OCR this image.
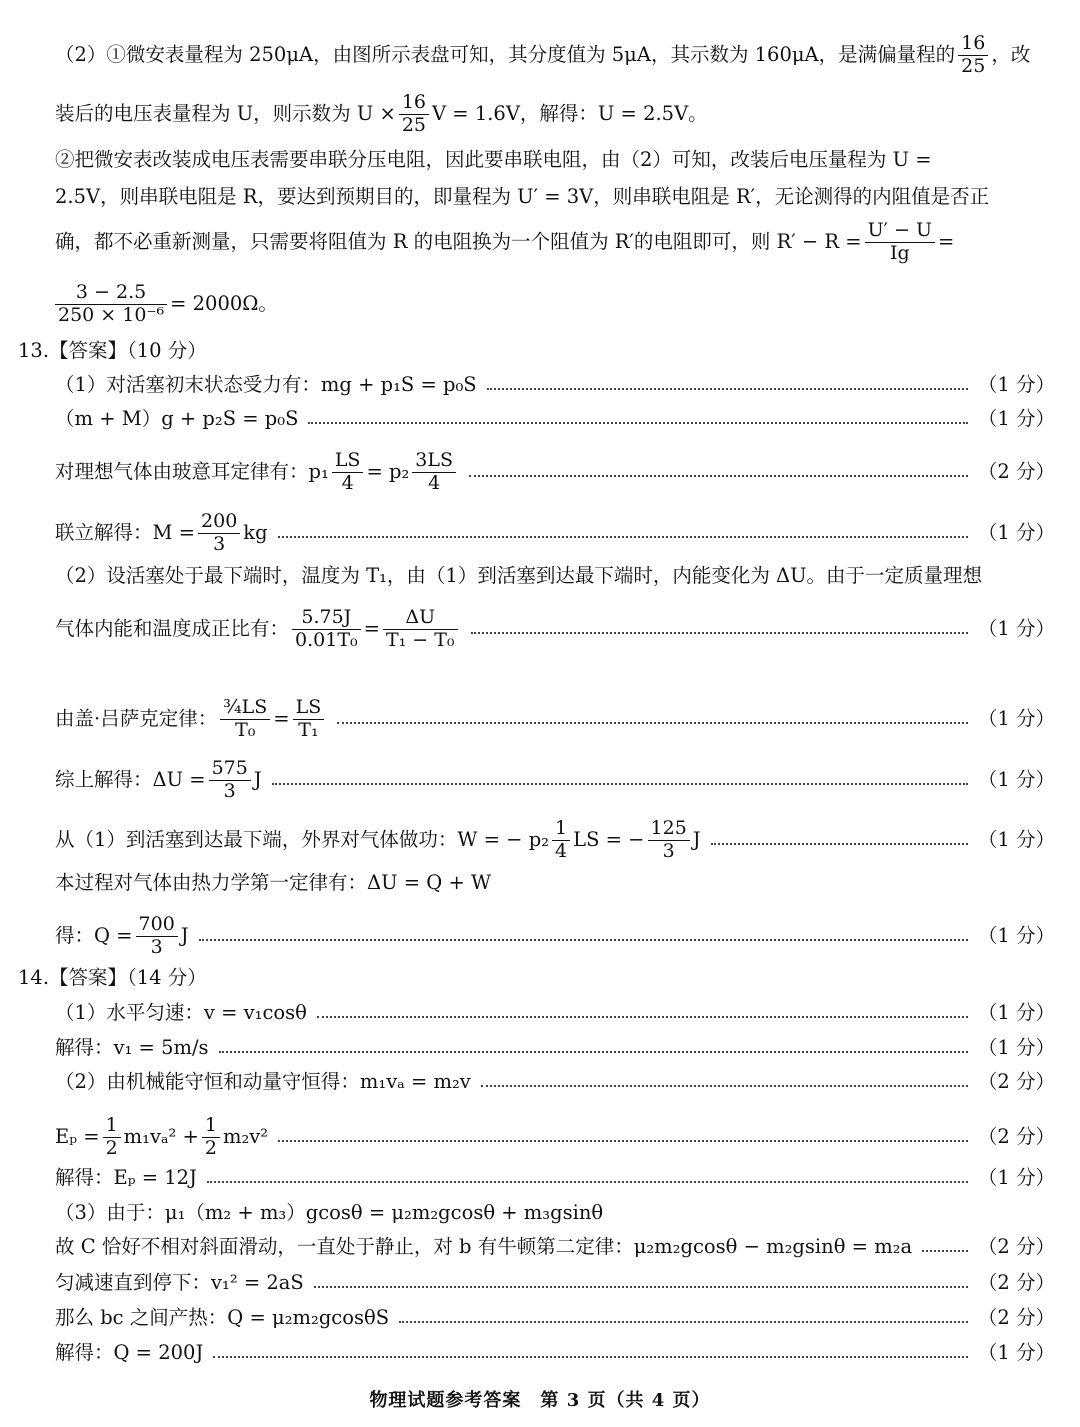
（2）①微安表量程为 250μA，由图所示表盘可知，其分度值为 5μA，其示数为 160μA，是满偏量程的 $\frac{16}{25}$ ，改
装后的电压表量程为 U，则示数为 $U \times \frac{16}{25}$ V = 1.6V，解得：U = 2.5V。
②把微安表改装成电压表需要串联分压电阻，因此要串联电阻，由（2）可知，改装后电压量程为 U =
2.5V，则串联电阻是 R，要达到预期目的，即量程为 U′ = 3V，则串联电阻是 R′，无论测得的内阻值是否正
确，都不必重新测量，只需要将阻值为 R 的电阻换为一个阻值为 R′的电阻即可，则 $R' - R = \frac{U' - U}{Ig}$ =
$\frac{3 - 2.5}{\text{250 × 10⁻⁶}} = 2000\Omega$。
13.【答案】（10 分）
（1）对活塞初末状态受力有：mg + p₁S = p₀S	（1 分）
（m + M）g + p₂S = p₀S	（1 分）
对理想气体由玻意耳定律有：$p_1 \frac{LS}{4} = p_2 \frac{3LS}{4}$	（2 分）
联立解得：$M = \frac{200}{3}$ kg	（1 分）
（2）设活塞处于最下端时，温度为 T₁，由（1）到活塞到达最下端时，内能变化为 ΔU。由于一定质量理想
气体内能和温度成正比有： $\frac{5.75J}{\text{0.01T₀}} = \frac{\Delta U}{\text{T₁ − T₀}}$	（1 分）
由盖·吕萨克定律： $\frac{\text{¾LS}}{\text{T₀}} = \frac{LS}{\text{T₁}}$	（1 分）
综上解得：$\Delta U = \frac{575}{3}$ J	（1 分）
从（1）到活塞到达最下端，外界对气体做功：W = − $p_2 \frac{1}{4}$ LS = − $\frac{125}{3}$ J	（1 分）
本过程对气体由热力学第一定律有：ΔU = Q + W
得：$Q = \frac{700}{3}$ J	（1 分）
14.【答案】（14 分）
（1）水平匀速：v = v₁cosθ	（1 分）
解得：v₁ = 5m/s	（1 分）
（2）由机械能守恒和动量守恒得：m₁vₐ = m₂v	（2 分）
$E_p = \frac{1}{2} m_1v_a^2 + \frac{1}{2} m_2v^2$	（2 分）
解得：Eₚ = 12J	（1 分）
（3）由于：μ₁（m₂ + m₃）gcosθ = μ₂m₂gcosθ + m₃gsinθ
故 C 恰好不相对斜面滑动，一直处于静止，对 b 有牛顿第二定律：μ₂m₂gcosθ − m₂gsinθ = m₂a	（2 分）
匀减速直到停下：v₁² = 2aS	（2 分）
那么 bc 之间产热：Q = μ₂m₂gcosθS	（2 分）
解得：Q = 200J	（1 分）
物理试题参考答案　第 3 页（共 4 页）
